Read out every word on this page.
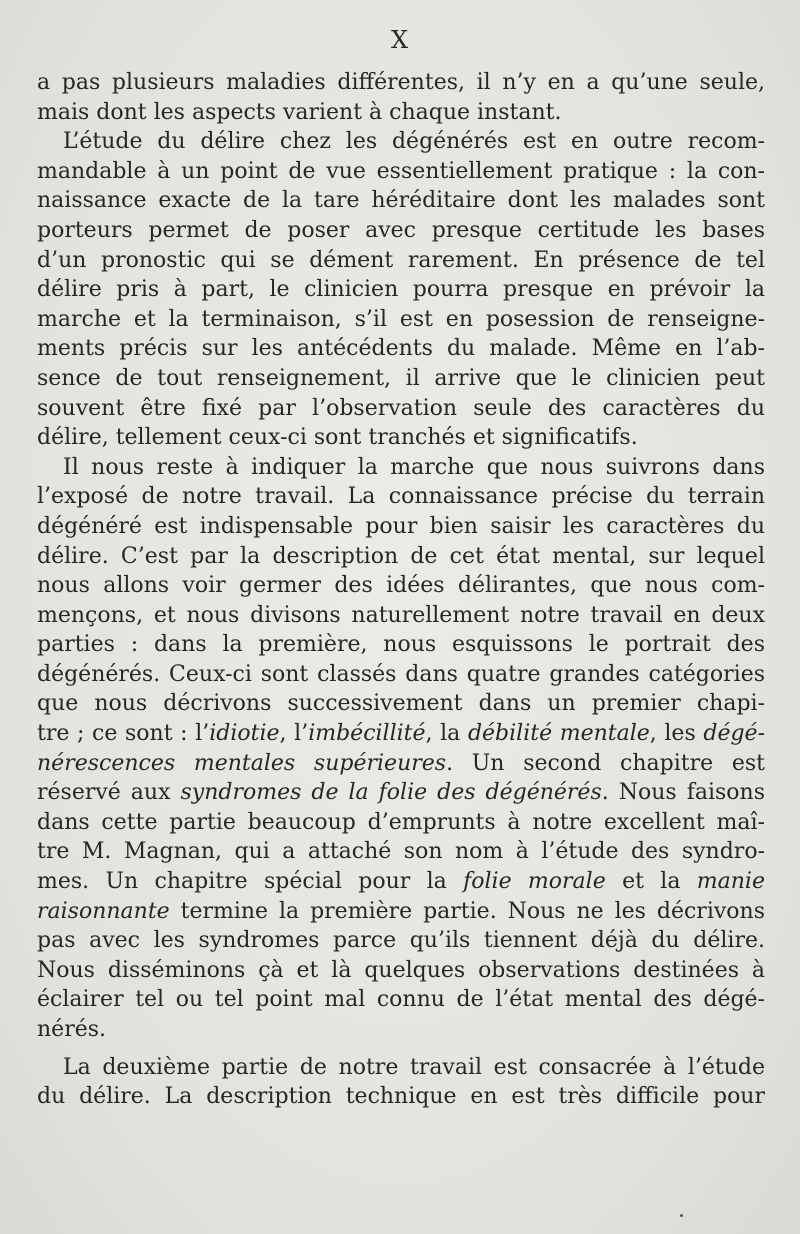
X
a pas plusieurs maladies différentes, il n’y en a qu’une seule,
mais dont les aspects varient à chaque instant.
L’étude du délire chez les dégénérés est en outre recom-
mandable à un point de vue essentiellement pratique : la con-
naissance exacte de la tare héréditaire dont les malades sont
porteurs permet de poser avec presque certitude les bases
d’un pronostic qui se dément rarement. En présence de tel
délire pris à part, le clinicien pourra presque en prévoir la
marche et la terminaison, s’il est en posession de renseigne-
ments précis sur les antécédents du malade. Même en l’ab-
sence de tout renseignement, il arrive que le clinicien peut
souvent être fixé par l’observation seule des caractères du
délire, tellement ceux-ci sont tranchés et significatifs.
Il nous reste à indiquer la marche que nous suivrons dans
l’exposé de notre travail. La connaissance précise du terrain
dégénéré est indispensable pour bien saisir les caractères du
délire. C’est par la description de cet état mental, sur lequel
nous allons voir germer des idées délirantes, que nous com-
mençons, et nous divisons naturellement notre travail en deux
parties : dans la première, nous esquissons le portrait des
dégénérés. Ceux-ci sont classés dans quatre grandes catégories
que nous décrivons successivement dans un premier chapi-
tre ; ce sont : l’idiotie, l’imbécillité, la débilité mentale, les dégé-
nérescences mentales supérieures. Un second chapitre est
réservé aux syndromes de la folie des dégénérés. Nous faisons
dans cette partie beaucoup d’emprunts à notre excellent maî-
tre M. Magnan, qui a attaché son nom à l’étude des syndro-
mes. Un chapitre spécial pour la folie morale et la manie
raisonnante termine la première partie. Nous ne les décrivons
pas avec les syndromes parce qu’ils tiennent déjà du délire.
Nous disséminons çà et là quelques observations destinées à
éclairer tel ou tel point mal connu de l’état mental des dégé-
nérés.
La deuxième partie de notre travail est consacrée à l’étude
du délire. La description technique en est très difficile pour
